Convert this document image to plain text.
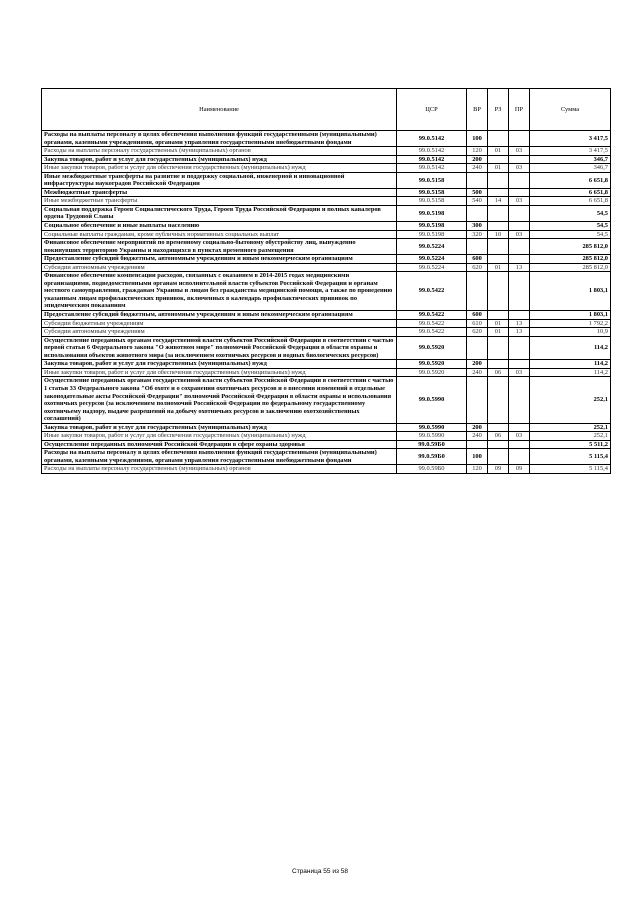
Наименование	ЦСР	ВР	РЗ	ПР	Сумма
Расходы на выплаты персоналу в целях обеспечения выполнения функций государственными (муниципальными) органами, казенными учреждениями, органами управления государственными внебюджетными фондами	99.0.5142	100			3 417,5
Расходы на выплаты персоналу государственных (муниципальных) органов	99.0.5142	120	01	03	3 417,5
Закупка товаров, работ и услуг для государственных (муниципальных) нужд	99.0.5142	200			346,7
Иные закупки товаров, работ и услуг для обеспечения государственных (муниципальных) нужд	99.0.5142	240	01	03	346,7
Иные межбюджетные трансферты на развитие и поддержку социальной, инженерной и инновационной инфраструктуры наукоградов Российской Федерации	99.0.5158				6 651,8
Межбюджетные трансферты	99.0.5158	500			6 651,8
Иные межбюджетные трансферты	99.0.5158	540	14	03	6 651,8
Социальная поддержка Героев Социалистического Труда, Героев Труда Российской Федерации и полных кавалеров ордена Трудовой Славы	99.0.5198				54,5
Социальное обеспечение и иные выплаты населению	99.0.5198	300			54,5
Социальные выплаты гражданам, кроме публичных нормативных социальных выплат	99.0.5198	320	10	03	54,5
Финансовое обеспечение мероприятий по временному социально-бытовому обустройству лиц, вынужденно покинувших территорию Украины и находящихся в пунктах временного размещения	99.0.5224				285 812,0
Предоставление субсидий бюджетным, автономным учреждениям и иным некоммерческим организациям	99.0.5224	600			285 812,0
Субсидии автономным учреждениям	99.0.5224	620	01	13	285 812,0
Финансовое обеспечение компенсации расходов, связанных с оказанием в 2014-2015 годах медицинскими организациями, подведомственными органам исполнительной власти субъектов Российской Федерации и органам местного самоуправления, гражданам Украины и лицам без гражданства медицинской помощи, а также по проведению указанным лицам профилактических прививок, включенных в календарь профилактических прививок по эпидемическим показаниям	99.0.5422				1 803,1
Предоставление субсидий бюджетным, автономным учреждениям и иным некоммерческим организациям	99.0.5422	600			1 803,1
Субсидии бюджетным учреждениям	99.0.5422	610	01	13	1 792,2
Субсидии автономным учреждениям	99.0.5422	620	01	13	10,9
Осуществление переданных органам государственной власти субъектов Российской Федерации в соответствии с частью первой статьи 6 Федерального закона "О животном мире" полномочий Российской Федерации в области охраны и использования объектов животного мира (за исключением охотничьих ресурсов и водных биологических ресурсов)	99.0.5920				114,2
Закупка товаров, работ и услуг для государственных (муниципальных) нужд	99.0.5920	200			114,2
Иные закупки товаров, работ и услуг для обеспечения государственных (муниципальных) нужд	99.0.5920	240	06	03	114,2
Осуществление переданных органам государственной власти субъектов Российской Федерации в соответствии с частью 1 статьи 33 Федерального закона "Об охоте и о сохранении охотничьих ресурсов и о внесении изменений в отдельные законодательные акты Российской Федерации" полномочий Российской Федерации в области охраны и использования охотничьих ресурсов (за исключением полномочий Российской Федерации по федеральному государственному охотничьему надзору, выдаче разрешений на добычу охотничьих ресурсов и заключению охотхозяйственных соглашений)	99.0.5990				252,1
Закупка товаров, работ и услуг для государственных (муниципальных) нужд	99.0.5990	200			252,1
Иные закупки товаров, работ и услуг для обеспечения государственных (муниципальных) нужд	99.0.5990	240	06	03	252,1
Осуществление переданных полномочий Российской Федерации в сфере охраны здоровья	99.0.59Б0				5 511,2
Расходы на выплаты персоналу в целях обеспечения выполнения функций государственными (муниципальными) органами, казенными учреждениями, органами управления государственными внебюджетными фондами	99.0.59Б0	100			5 115,4
Расходы на выплаты персоналу государственных (муниципальных) органов	99.0.59Б0	120	09	09	5 115,4
Страница 55 из 58
